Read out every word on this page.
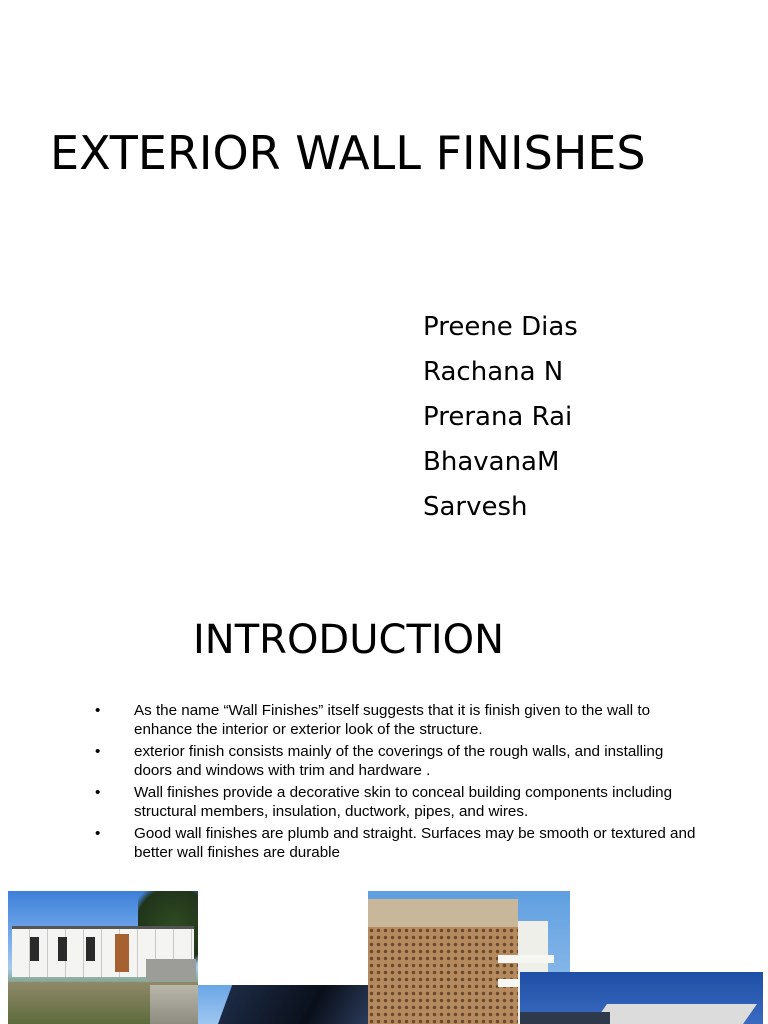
EXTERIOR WALL FINISHES
Preene Dias
Rachana N
Prerana Rai
BhavanaM
Sarvesh
INTRODUCTION
• As the name “Wall Finishes” itself suggests that it is finish given to the wall to enhance the interior or exterior look of the structure.
• exterior finish consists mainly of the coverings of the rough walls, and installing doors and windows with trim and hardware .
• Wall finishes provide a decorative skin to conceal building components including structural members, insulation, ductwork, pipes, and wires.
• Good wall finishes are plumb and straight. Surfaces may be smooth or textured and better wall finishes are durable
